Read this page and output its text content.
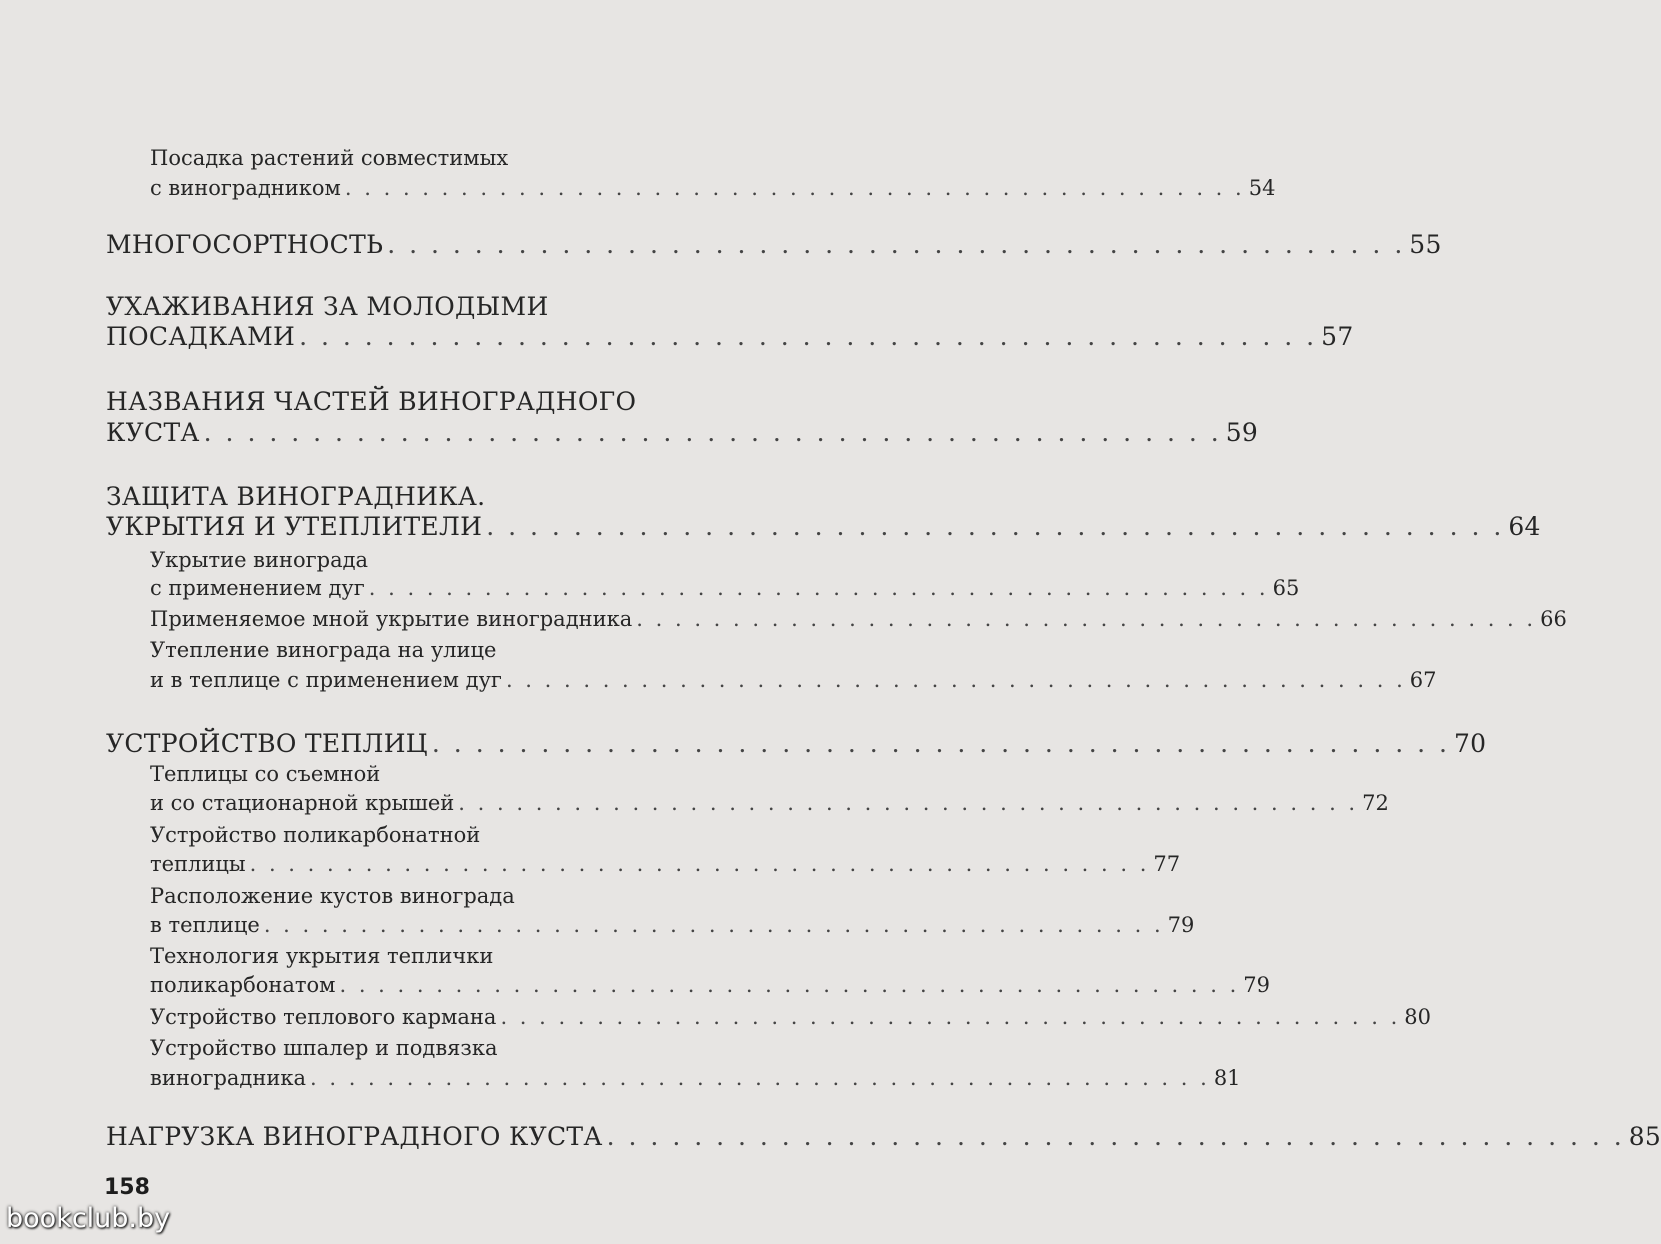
Посадка растений совместимых
с виноградником . . . . . . . . . . . . . . . . . . . . . . . . . . . . . . . . . . . . . . . . . . . . . . . 54
МНОГОСОРТНОСТЬ . . . . . . . . . . . . . . . . . . . . . . . . . . . . . . . . . . . . . . . . . . . . . . . 55
УХАЖИВАНИЯ ЗА МОЛОДЫМИ
ПОСАДКАМИ . . . . . . . . . . . . . . . . . . . . . . . . . . . . . . . . . . . . . . . . . . . . . . . 57
НАЗВАНИЯ ЧАСТЕЙ ВИНОГРАДНОГО
КУСТА . . . . . . . . . . . . . . . . . . . . . . . . . . . . . . . . . . . . . . . . . . . . . . . 59
ЗАЩИТА ВИНОГРАДНИКА.
УКРЫТИЯ И УТЕПЛИТЕЛИ . . . . . . . . . . . . . . . . . . . . . . . . . . . . . . . . . . . . . . . . . . . . . . . 64
Укрытие винограда
с применением дуг . . . . . . . . . . . . . . . . . . . . . . . . . . . . . . . . . . . . . . . . . . . . . . . 65
Применяемое мной укрытие виноградника . . . . . . . . . . . . . . . . . . . . . . . . . . . . . . . . . . . . . . . . . . . . . . . 66
Утепление винограда на улице
и в теплице с применением дуг . . . . . . . . . . . . . . . . . . . . . . . . . . . . . . . . . . . . . . . . . . . . . . . 67
УСТРОЙСТВО ТЕПЛИЦ . . . . . . . . . . . . . . . . . . . . . . . . . . . . . . . . . . . . . . . . . . . . . . . 70
Теплицы со съемной
и со стационарной крышей . . . . . . . . . . . . . . . . . . . . . . . . . . . . . . . . . . . . . . . . . . . . . . . 72
Устройство поликарбонатной
теплицы . . . . . . . . . . . . . . . . . . . . . . . . . . . . . . . . . . . . . . . . . . . . . . . 77
Расположение кустов винограда
в теплице . . . . . . . . . . . . . . . . . . . . . . . . . . . . . . . . . . . . . . . . . . . . . . . 79
Технология укрытия теплички
поликарбонатом . . . . . . . . . . . . . . . . . . . . . . . . . . . . . . . . . . . . . . . . . . . . . . . 79
Устройство теплового кармана . . . . . . . . . . . . . . . . . . . . . . . . . . . . . . . . . . . . . . . . . . . . . . . 80
Устройство шпалер и подвязка
виноградника . . . . . . . . . . . . . . . . . . . . . . . . . . . . . . . . . . . . . . . . . . . . . . . 81
НАГРУЗКА ВИНОГРАДНОГО КУСТА . . . . . . . . . . . . . . . . . . . . . . . . . . . . . . . . . . . . . . . . . . . . . . . 85
158
bookclub.by
